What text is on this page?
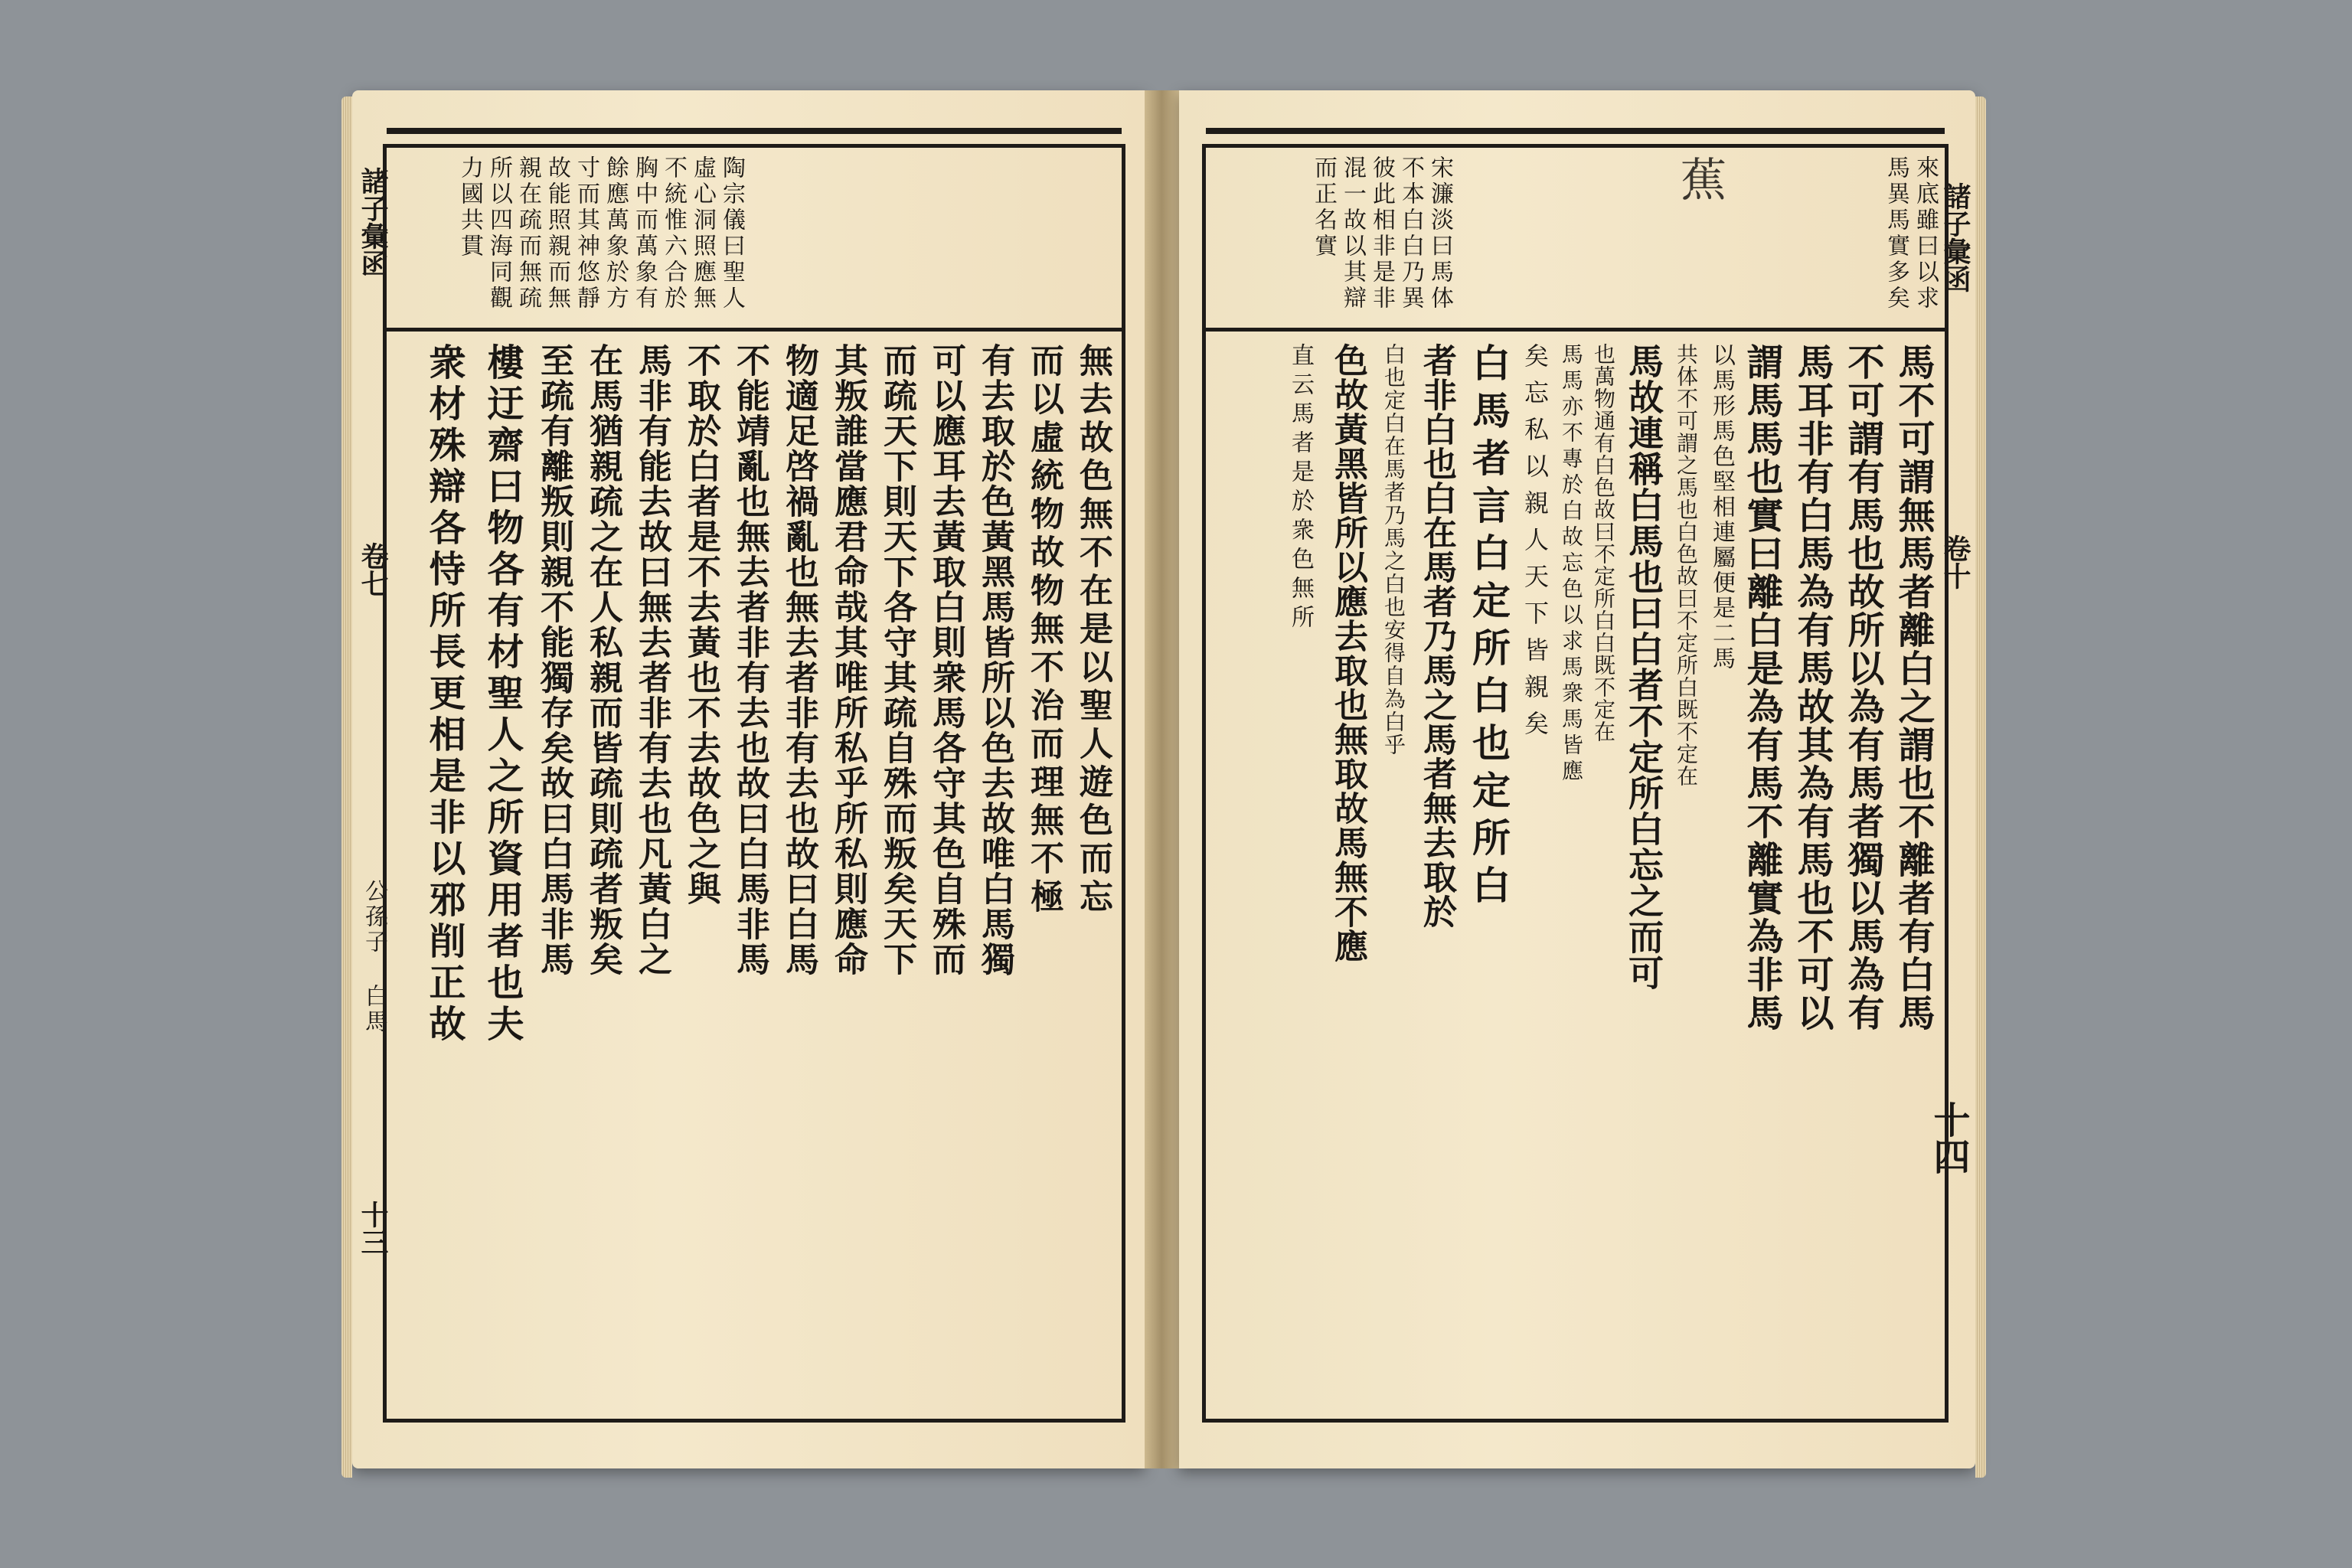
諸子彙函
卷七
公孫子 白馬
十三
陶宗儀曰聖人
虛心洞照應無
不統惟六合於
胸中而萬象有
餘應萬象於方
寸而其神悠靜
故能照親而無
親在疏而無疏
所以四海同觀
力國共貫
無去故色無不在是以聖人遊色而忘
而以虛統物故物無不治而理無不極
有去取於色黃黑馬皆所以色去故唯白馬獨
可以應耳去黃取白則衆馬各守其色自殊而
而疏天下則天下各守其疏自殊而叛矣天下
其叛誰當應君命哉其唯所私乎所私則應命
物適足啓禍亂也無去者非有去也故曰白馬
不能靖亂也無去者非有去也故曰白馬非馬
不取於白者是不去黃也不去故色之與
馬非有能去故曰無去者非有去也凡黃白之
在馬猶親疏之在人私親而皆疏則疏者叛矣
至疏有離叛則親不能獨存矣故曰白馬非馬
樓迂齋曰物各有材聖人之所資用者也夫
衆材殊辯各恃所長更相是非以邪削正故
諸子彙函
卷十
十四
來底雖曰以求
馬異馬實多矣
蕉
宋濂淡曰馬体
不本白白乃異
彼此相非是非
混一故以其辯
而正名實
馬不可謂無馬者離白之謂也不離者有白馬
不可謂有馬也故所以為有馬者獨以馬為有
馬耳非有白馬為有馬故其為有馬也不可以
謂馬馬也實曰離白是為有馬不離實為非馬
以馬形馬色堅相連屬便是二馬
共体不可謂之馬也白色故曰不定所白既不定在
馬故連稱白馬也曰白者不定所白忘之而可
也萬物通有白色故曰不定所白白既不定在
馬馬亦不專於白故忘色以求馬衆馬皆應
矣忘私以親人天下皆親矣
白馬者言白定所白也定所白
者非白也白在馬者乃馬之馬者無去取於
白也定白在馬者乃馬之白也安得自為白乎
色故黃黑皆所以應去取也無取故馬無不應
直云馬者是於衆色無所
